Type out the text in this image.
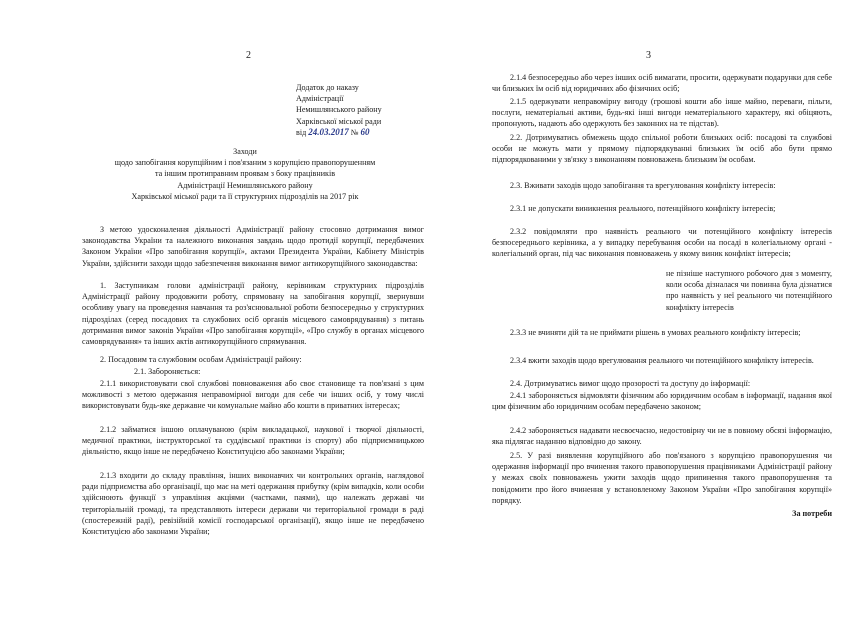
2
Додаток до наказу
Адміністрації
Немишлянського району
Харківської міської ради
від 24.03.2017 № 60
Заходи
щодо запобігання корупційним і пов'язаним з корупцією правопорушенням
та іншим протиправним проявам з боку працівників
Адміністрації Немишлянського району
Харківської міської ради та її структурних підрозділів на 2017 рік

З метою удосконалення діяльності Адміністрації району стосовно дотримання вимог законодавства України та належного виконання завдань щодо протидії корупції, передбачених Законом України «Про запобігання корупції», актами Президента України, Кабінету Міністрів України, здійснити заходи щодо забезпечення виконання вимог антикорупційного законодавства:

1. Заступникам голови адміністрації району, керівникам структурних підрозділів Адміністрації району продовжити роботу, спрямовану на запобігання корупції, звернувши особливу увагу на проведення навчання та роз'яснювальної роботи безпосередньо у структурних підрозділах (серед посадових та службових осіб органів місцевого самоврядування) з питань дотримання вимог законів України «Про запобігання корупції», «Про службу в органах місцевого самоврядування» та інших актів антикорупційного спрямування.

2. Посадовим та службовим особам Адміністрації району:

2.1. Забороняється:

2.1.1 використовувати свої службові повноваження або своє становище та пов'язані з цим можливості з метою одержання неправомірної вигоди для себе чи інших осіб, у тому числі використовувати будь-яке державне чи комунальне майно або кошти в приватних інтересах;

2.1.2 займатися іншою оплачуваною (крім викладацької, наукової і творчої діяльності, медичної практики, інструкторської та суддівської практики із спорту) або підприємницькою діяльністю, якщо інше не передбачено Конституцією або законами України;

2.1.3 входити до складу правління, інших виконавчих чи контрольних органів, наглядової ради підприємства або організації, що має на меті одержання прибутку (крім випадків, коли особи здійснюють функції з управління акціями (частками, паями), що належать державі чи територіальній громаді, та представляють інтереси держави чи територіальної громади в раді (спостережній раді), ревізійній комісії господарської організації), якщо інше не передбачено Конституцією або законами України;

3

2.1.4 безпосередньо або через інших осіб вимагати, просити, одержувати подарунки для себе чи близьких їм осіб від юридичних або фізичних осіб;

2.1.5 одержувати неправомірну вигоду (грошові кошти або інше майно, переваги, пільги, послуги, нематеріальні активи, будь-які інші вигоди нематеріального характеру, які обіцяють, пропонують, надають або одержують без законних на те підстав).

2.2. Дотримуватись обмежень щодо спільної роботи близьких осіб: посадові та службові особи не можуть мати у прямому підпорядкуванні близьких їм осіб або бути прямо підпорядкованими у зв'язку з виконанням повноважень близьким їм особам.

2.3. Вживати заходів щодо запобігання та врегулювання конфлікту інтересів:

2.3.1 не допускати виникнення реального, потенційного конфлікту інтересів;

2.3.2 повідомляти про наявність реального чи потенційного конфлікту інтересів безпосереднього керівника, а у випадку перебування особи на посаді в колегіальному органі - колегіальний орган, під час виконання повноважень у якому виник конфлікт інтересів;

не пізніше наступного робочого дня з моменту, коли особа дізналася чи повинна була дізнатися про наявність у неї реального чи потенційного конфлікту інтересів

2.3.3 не вчиняти дій та не приймати рішень в умовах реального конфлікту інтересів;

2.3.4 вжити заходів щодо врегулювання реального чи потенційного конфлікту інтересів.

2.4. Дотримуватись вимог щодо прозорості та доступу до інформації:

2.4.1 забороняється відмовляти фізичним або юридичним особам в інформації, надання якої цим фізичним або юридичним особам передбачено законом;

2.4.2 забороняється надавати несвоєчасно, недостовірну чи не в повному обсязі інформацію, яка підлягає наданню відповідно до закону.

2.5. У разі виявлення корупційного або пов'язаного з корупцією правопорушення чи одержання інформації про вчинення такого правопорушення працівниками Адміністрації району у межах своїх повноважень ужити заходів щодо припинення такого правопорушення та повідомити про його вчинення у встановленому Законом України «Про запобігання корупції» порядку.

За потреби
